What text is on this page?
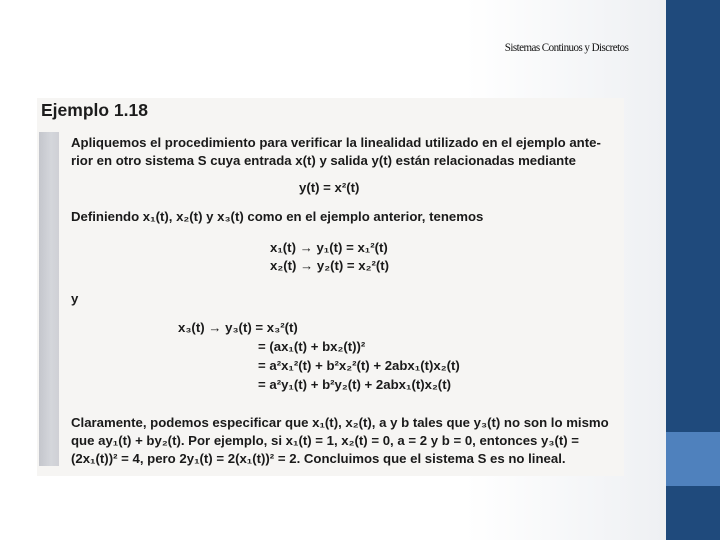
Sistemas Continuos y Discretos
Ejemplo 1.18
Apliquemos el procedimiento para verificar la linealidad utilizado en el ejemplo ante-
rior en otro sistema S cuya entrada x(t) y salida y(t) están relacionadas mediante
y(t) = x²(t)
Definiendo x₁(t), x₂(t) y x₃(t) como en el ejemplo anterior, tenemos
x₁(t) → y₁(t) = x₁²(t)
x₂(t) → y₂(t) = x₂²(t)
y
x₃(t) → y₃(t) = x₃²(t)
= (ax₁(t) + bx₂(t))²
= a²x₁²(t) + b²x₂²(t) + 2abx₁(t)x₂(t)
= a²y₁(t) + b²y₂(t) + 2abx₁(t)x₂(t)
Claramente, podemos especificar que x₁(t), x₂(t), a y b tales que y₃(t) no son lo mismo
que ay₁(t) + by₂(t). Por ejemplo, si x₁(t) = 1, x₂(t) = 0, a = 2 y b = 0, entonces y₃(t) =
(2x₁(t))² = 4, pero 2y₁(t) = 2(x₁(t))² = 2. Concluimos que el sistema S es no lineal.
